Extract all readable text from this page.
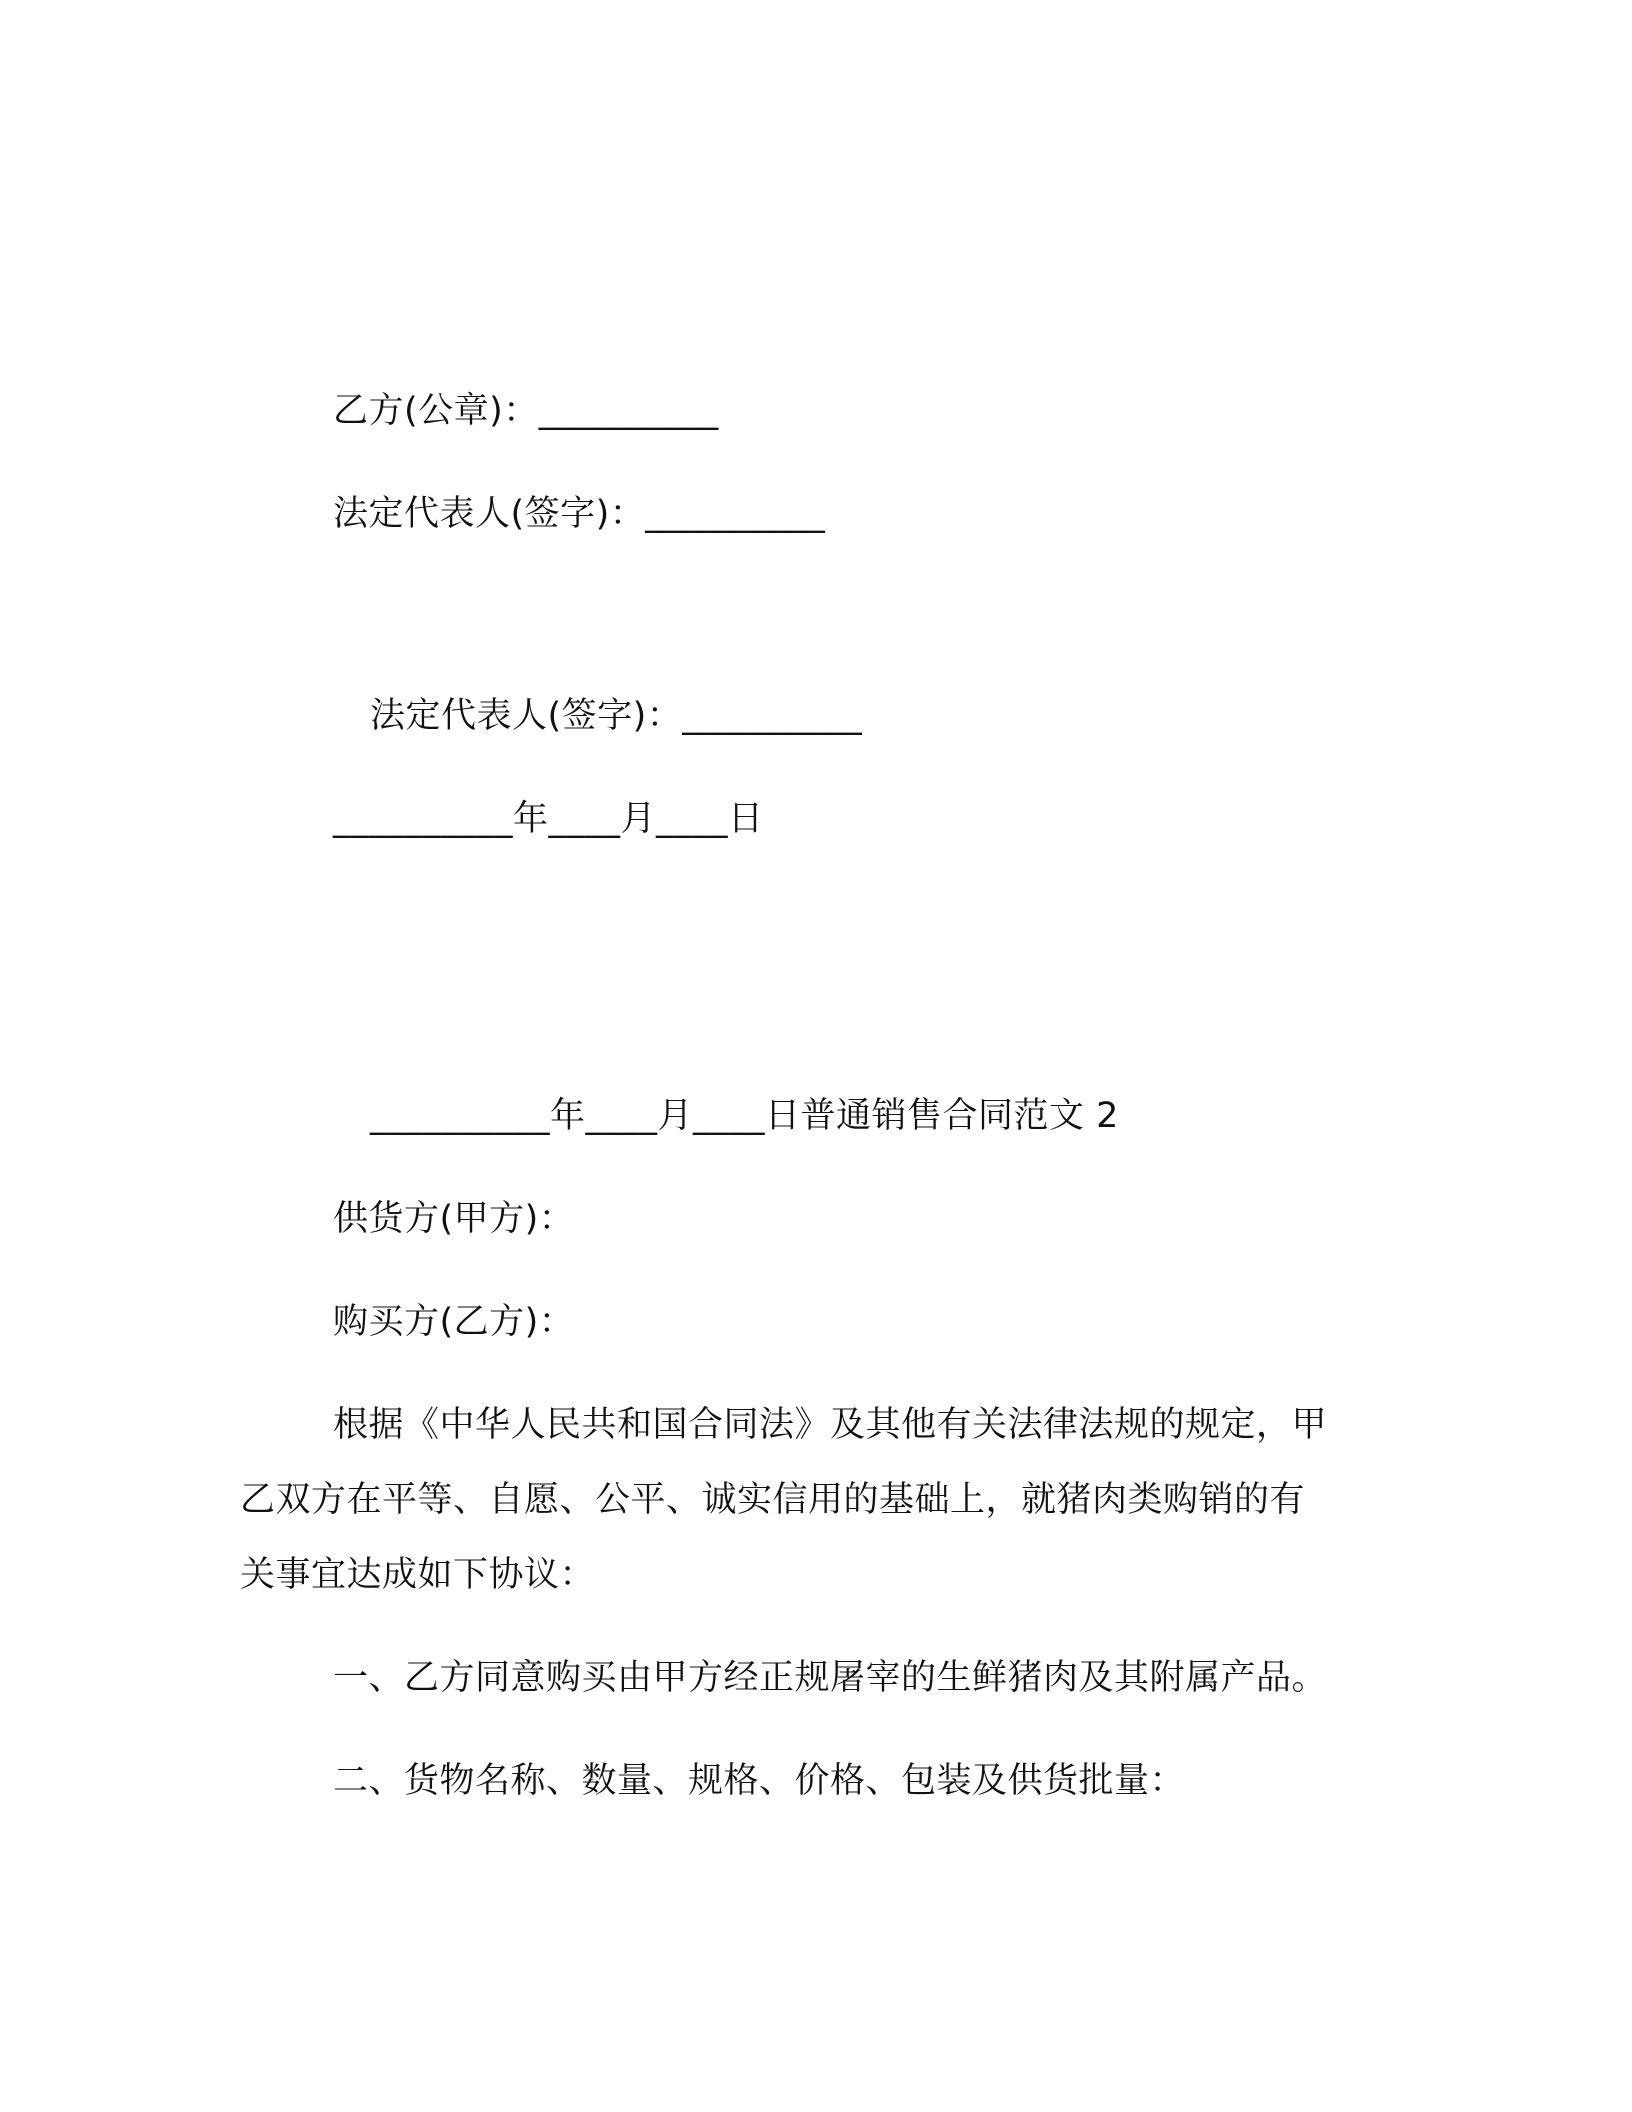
乙方(公章)：__________
法定代表人(签字)：__________
法定代表人(签字)：__________
__________年____月____日
__________年____月____日普通销售合同范文 2
供货方(甲方)：
购买方(乙方)：
根据《中华人民共和国合同法》及其他有关法律法规的规定，甲
乙双方在平等、自愿、公平、诚实信用的基础上，就猪肉类购销的有
关事宜达成如下协议：
一、乙方同意购买由甲方经正规屠宰的生鲜猪肉及其附属产品。
二、货物名称、数量、规格、价格、包装及供货批量：
